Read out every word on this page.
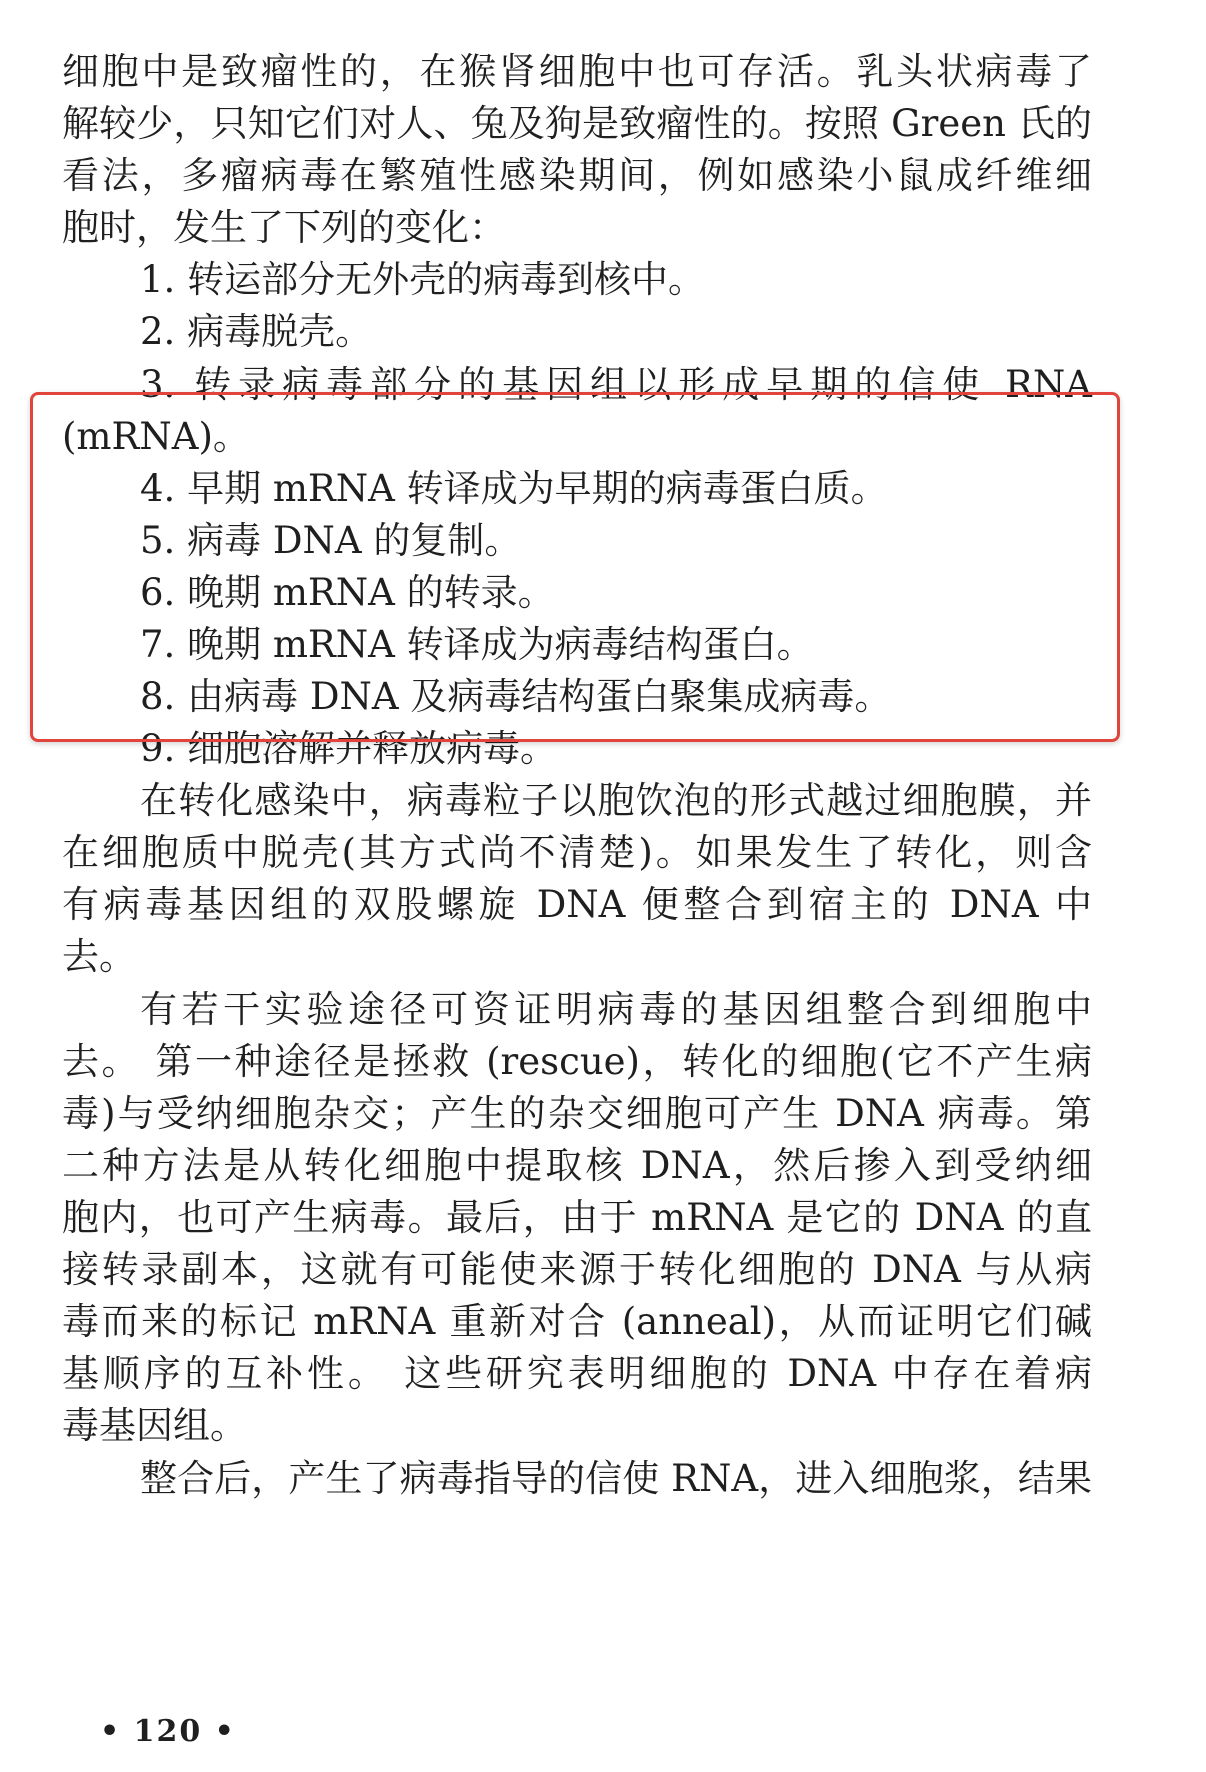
细胞中是致瘤性的，在猴肾细胞中也可存活。乳头状病毒了
解较少，只知它们对人、兔及狗是致瘤性的。按照 Green 氏的
看法，多瘤病毒在繁殖性感染期间，例如感染小鼠成纤维细
胞时，发生了下列的变化：
1. 转运部分无外壳的病毒到核中。
2. 病毒脱壳。
3. 转录病毒部分的基因组以形成早期的信使 RNA
(mRNA)。
4. 早期 mRNA 转译成为早期的病毒蛋白质。
5. 病毒 DNA 的复制。
6. 晚期 mRNA 的转录。
7. 晚期 mRNA 转译成为病毒结构蛋白。
8. 由病毒 DNA 及病毒结构蛋白聚集成病毒。
9. 细胞溶解并释放病毒。
在转化感染中，病毒粒子以胞饮泡的形式越过细胞膜，并
在细胞质中脱壳(其方式尚不清楚)。如果发生了转化，则含
有病毒基因组的双股螺旋 DNA 便整合到宿主的 DNA 中
去。
有若干实验途径可资证明病毒的基因组整合到细胞中
去。 第一种途径是拯救 (rescue)，转化的细胞(它不产生病
毒)与受纳细胞杂交；产生的杂交细胞可产生 DNA 病毒。第
二种方法是从转化细胞中提取核 DNA，然后掺入到受纳细
胞内，也可产生病毒。最后，由于 mRNA 是它的 DNA 的直
接转录副本，这就有可能使来源于转化细胞的 DNA 与从病
毒而来的标记 mRNA 重新对合 (anneal)，从而证明它们碱
基顺序的互补性。 这些研究表明细胞的 DNA 中存在着病
毒基因组。
整合后，产生了病毒指导的信使 RNA，进入细胞浆，结果
• 120 •
